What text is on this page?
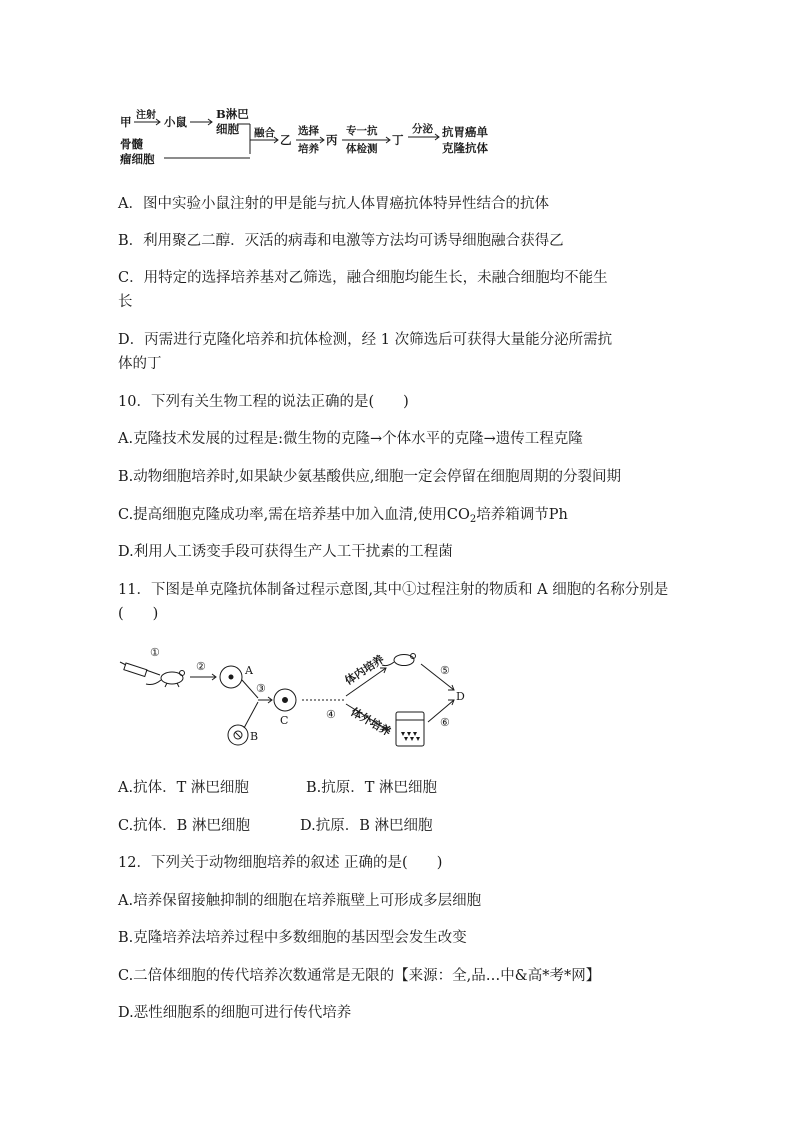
甲 注射 小鼠
B淋巴
细胞
骨髓
瘤细胞
融合 乙
选择
培养
丙
专一抗
体检测
丁
分泌 抗胃癌单
克隆抗体
A．图中实验小鼠注射的甲是能与抗人体胃癌抗体特异性结合的抗体
B．利用聚乙二醇．灭活的病毒和电激等方法均可诱导细胞融合获得乙
C．用特定的选择培养基对乙筛选，融合细胞均能生长，未融合细胞均不能生
长
D．丙需进行克隆化培养和抗体检测，经 1 次筛选后可获得大量能分泌所需抗
体的丁
10．下列有关生物工程的说法正确的是(　　)
A.克隆技术发展的过程是:微生物的克隆→个体水平的克隆→遗传工程克隆
B.动物细胞培养时,如果缺少氨基酸供应,细胞一定会停留在细胞周期的分裂间期
C.提高细胞克隆成功率,需在培养基中加入血清,使用$CO_2$培养箱调节Ph
D.利用人工诱变手段可获得生产人工干扰素的工程菌
11．下图是单克隆抗体制备过程示意图,其中①过程注射的物质和 A 细胞的名称分别是
(　　)
①
②	A
③
B
C	④
⑤
⑥
D
体内培养
体外培养
A.抗体．T 淋巴细胞	B.抗原．T 淋巴细胞
C.抗体．B 淋巴细胞	D.抗原．B 淋巴细胞
12．下列关于动物细胞培养的叙述 正确的是(　　)
A.培养保留接触抑制的细胞在培养瓶壁上可形成多层细胞
B.克隆培养法培养过程中多数细胞的基因型会发生改变
C.二倍体细胞的传代培养次数通常是无限的【来源：全,品…中&高*考*网】
D.恶性细胞系的细胞可进行传代培养
